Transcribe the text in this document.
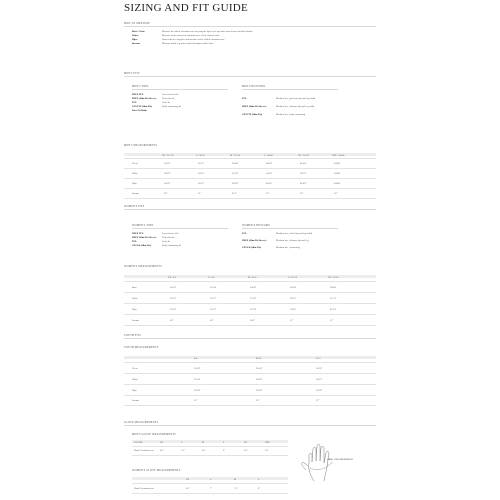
SIZING AND FIT GUIDE
HOW TO MEASURE
Bust / Chest:	Measure the fullest circumference keeping the tape level up under arms across shoulder blades.
Waist:	Measure at the narrowest circumference of the natural waist.
Hips:	Stand with feet together and measure at the widest circumference.
Inseam:	Measure inside leg from crotch through to ankle bone.
MEN'S FITS
MEN'S TOPS
FREE FIT:	Loose/relaxed fit
FREE (Slim Fit Sleeve): Trim slim fit
FIT:	Semi-fit
GPS FIT (Slim Fit):	Body contouring fit
Race Fit Body:
MEN'S BOTTOMS
FIT:	Medium rise, generous hip and leg width
FREE (Slim Fit Sleeve):	Medium rise, slimmer hip and leg width
GPS FIT (Slim Fit):	Medium rise, body contouring
MEN'S MEASUREMENTS
XS / 28 / 30	S / 30-32	M / 32-34	L / 34-36	XL / 36-38	XXL / 38-40
Chest	34-35"	36-37"	38-40"	40-42"	42-44"	44-46"
Waist	28-29"	30-31"	32-33"	34-35"	36-37"	38-40"
Hips	34-35"	36-37"	38-39"	40-41"	42-43"	44-46"
Inseam	30"	31"	31.5"	32"	32"	32"
WOMEN'S FITS
WOMEN'S TOPS
FREE FIT:	Loose/relaxed fit
FREE (Slim Fit Sleeve): Trim slim fit
FIT:	Semi-fit
GPS Fit (Slim Fit):	Body contouring fit
WOMEN'S BOTTOMS
FIT:	Medium rise, wider hip and leg width
FREE (Slim Fit Sleeve):	Medium rise, slimmer hip and leg
GPS Fit (Slim Fit):	Medium rise, contouring
WOMEN'S MEASUREMENTS
XS / 0-2	S / 4-6	M / 8-10	L / 12-14	XL / 16-18
Bust	30-32"	32-34"	34-36"	36-38"	38-40"
Waist	23-25"	25-27"	27-29"	29-31"	31-33"
Hips	33-35"	35-37"	37-39"	39-41"	41-43"
Inseam	30"	30"	30.5"	31"	31"
YOUTH FITS
YOUTH MEASUREMENTS
S/8	M/10	L/12
Chest	26-28"	28-30"	30-32"
Waist	23-24"	24-26"	26-27"
Hips	26-28"	28-30"	30-32"
Inseam	25"	26"	27"
GLOVE MEASUREMENTS
MEN'S GLOVE MEASUREMENTS
US SIZE	XS	S	M	L	XL	XXL
Hand Circumference	6.5"	7.5"	8.5"	9"	9.5"	10"
WOMEN'S GLOVE MEASUREMENTS
XS	S	M	L
Hand Circumference	6.5"	7"	7.5"	8"
HAND CIRCUMFERENCE
